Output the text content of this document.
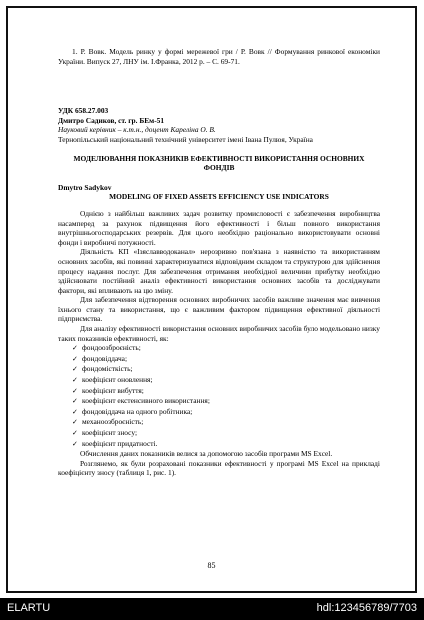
1. Р. Вовк. Модель ринку у формі мережевої гри / Р. Вовк // Формування ринкової економіки України. Випуск 27, ЛНУ ім. І.Франка, 2012 р. – С. 69-71.

УДК 658.27.003

Дмитро Садиков, ст. гр. БЕм-51

Науковий керівник – к.т.н., доцент Карелiна О. В.

Тернопільський національний технічний університет імені Івана Пулюя, Україна

МОДЕЛЮВАННЯ ПОКАЗНИКІВ ЕФЕКТИВНОСТІ ВИКОРИСТАННЯ ОСНОВНИХ ФОНДІВ

Dmytro Sadykov

MODELING OF FIXED ASSETS EFFICIENCY USE INDICATORS

Однією з найбільш важливих задач розвитку промисловості є забезпечення виробництва насамперед за рахунок підвищення його ефективності і більш повного використання внутрішньогосподарських резервів. Для цього необхідно раціонально використовувати основні фонди і виробничі потужності.

Діяльність КП «Ізяславводоканал» нерозривно пов'язана з наявністю та використанням основних засобів, які повинні характеризуватися відповідним складом та структурою для здійснення процесу надання послуг. Для забезпечення отримання необхідної величини прибутку необхідно здійснювати постійний аналіз ефективності використання основних засобів та досліджувати фактори, які впливають на цю зміну.

Для забезпечення відтворення основних виробничих засобів важливе значення має вивчення їхнього стану та використання, що є важливим фактором підвищення ефективної діяльності підприємства.

Для аналізу ефективності використання основних виробничих засобів було модельовано низку таких показників ефективності, як:

✓ фондоозброєність;
✓ фондовіддача;
✓ фондомісткість;
✓ коефіцієнт оновлення;
✓ коефіцієнт вибуття;
✓ коефіцієнт екстенсивного використання;
✓ фондовіддача на одного робітника;
✓ механоозброєність;
✓ коефіцієнт зносу;
✓ коефіцієнт придатності.

Обчислення даних показників велися за допомогою засобів програми MS Excel.

Розглянемо, як були розраховані показники ефективності у програмі MS Excel на прикладі коефіцієнту зносу (таблиця 1, рис. 1).

85
ELARTU	hdl:123456789/7703
